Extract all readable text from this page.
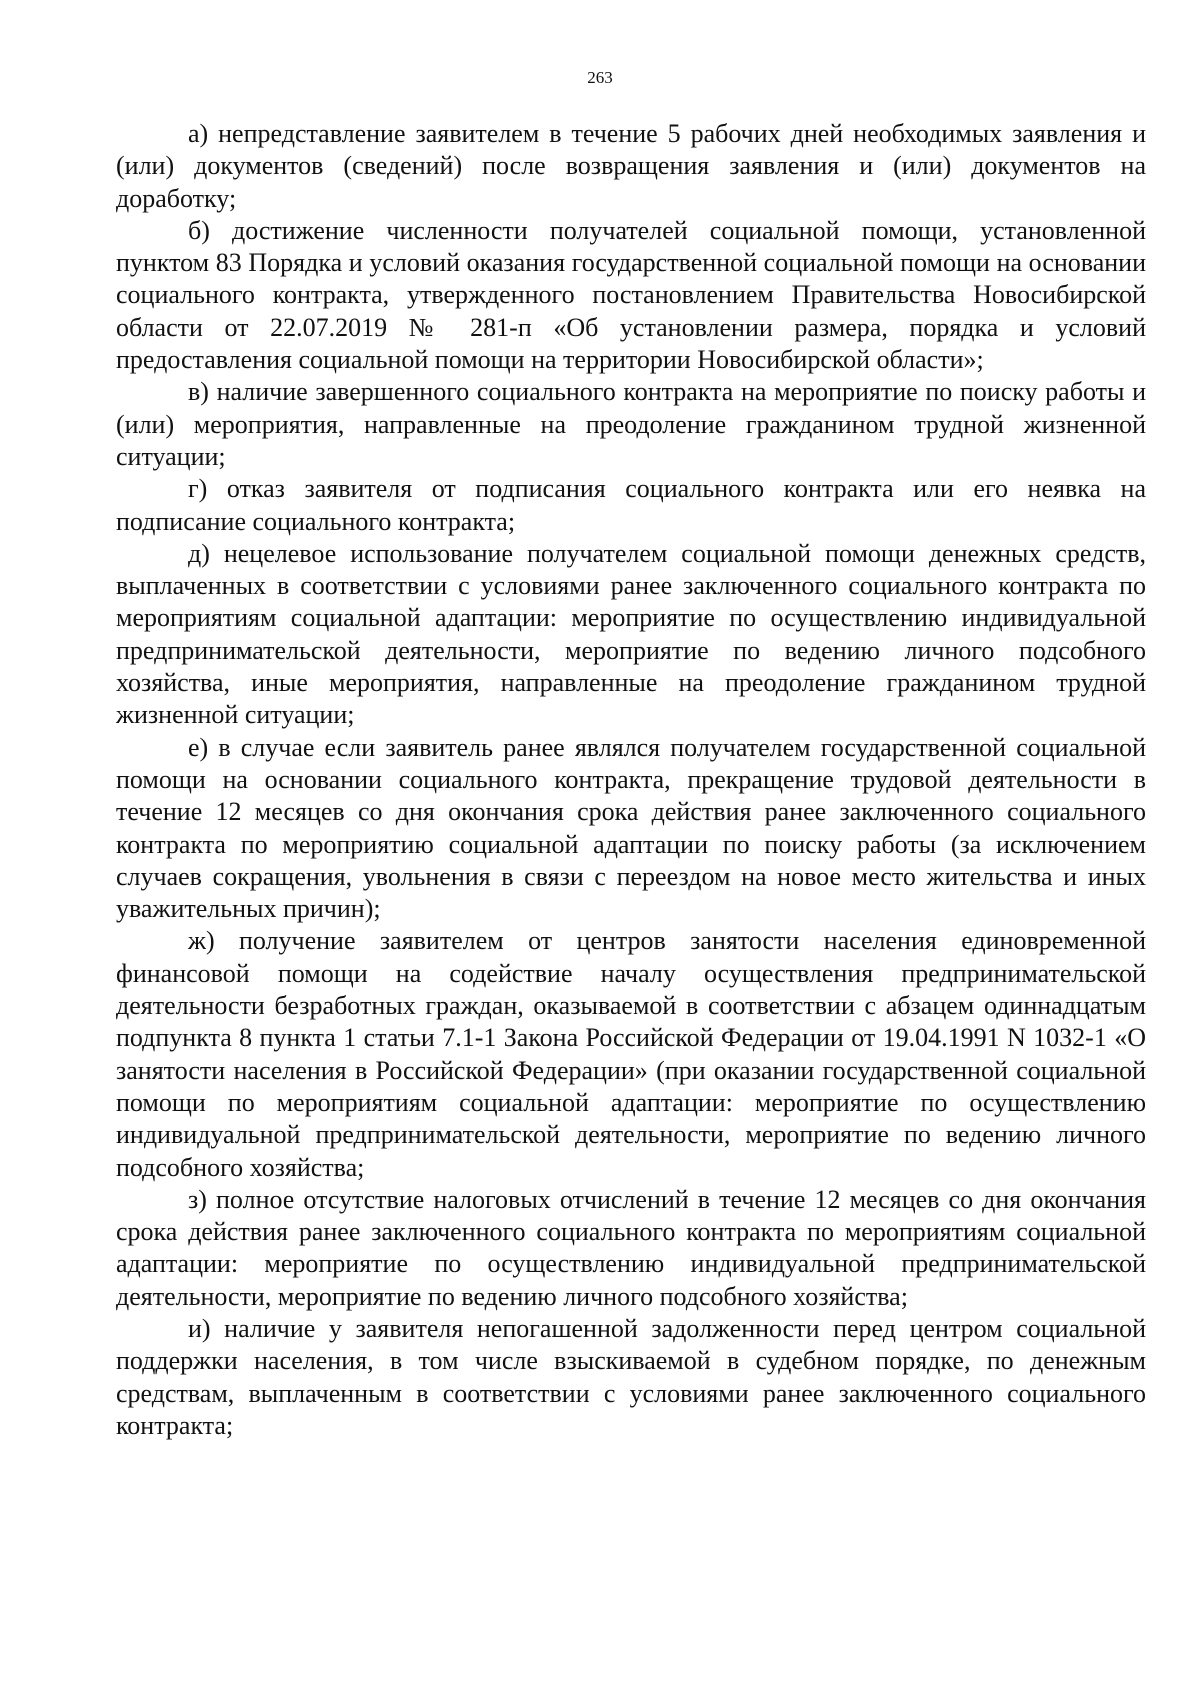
263

а) непредставление заявителем в течение 5 рабочих дней необходимых заявления и (или) документов (сведений) после возвращения заявления и (или) документов на доработку;

б) достижение численности получателей социальной помощи, установленной пунктом 83 Порядка и условий оказания государственной социальной помощи на основании социального контракта, утвержденного постановлением Правительства Новосибирской области от 22.07.2019 № 281-п «Об установлении размера, порядка и условий предоставления социальной помощи на территории Новосибирской области»;

в) наличие завершенного социального контракта на мероприятие по поиску работы и (или) мероприятия, направленные на преодоление гражданином трудной жизненной ситуации;

г) отказ заявителя от подписания социального контракта или его неявка на подписание социального контракта;

д) нецелевое использование получателем социальной помощи денежных средств, выплаченных в соответствии с условиями ранее заключенного социального контракта по мероприятиям социальной адаптации: мероприятие по осуществлению индивидуальной предпринимательской деятельности, мероприятие по ведению личного подсобного хозяйства, иные мероприятия, направленные на преодоление гражданином трудной жизненной ситуации;

е) в случае если заявитель ранее являлся получателем государственной социальной помощи на основании социального контракта, прекращение трудовой деятельности в течение 12 месяцев со дня окончания срока действия ранее заключенного социального контракта по мероприятию социальной адаптации по поиску работы (за исключением случаев сокращения, увольнения в связи с переездом на новое место жительства и иных уважительных причин);

ж) получение заявителем от центров занятости населения единовременной финансовой помощи на содействие началу осуществления предпринимательской деятельности безработных граждан, оказываемой в соответствии с абзацем одиннадцатым подпункта 8 пункта 1 статьи 7.1-1 Закона Российской Федерации от 19.04.1991 N 1032-1 «О занятости населения в Российской Федерации» (при оказании государственной социальной помощи по мероприятиям социальной адаптации: мероприятие по осуществлению индивидуальной предпринимательской деятельности, мероприятие по ведению личного подсобного хозяйства;

з) полное отсутствие налоговых отчислений в течение 12 месяцев со дня окончания срока действия ранее заключенного социального контракта по мероприятиям социальной адаптации: мероприятие по осуществлению индивидуальной предпринимательской деятельности, мероприятие по ведению личного подсобного хозяйства;

и) наличие у заявителя непогашенной задолженности перед центром социальной поддержки населения, в том числе взыскиваемой в судебном порядке, по денежным средствам, выплаченным в соответствии с условиями ранее заключенного социального контракта;
